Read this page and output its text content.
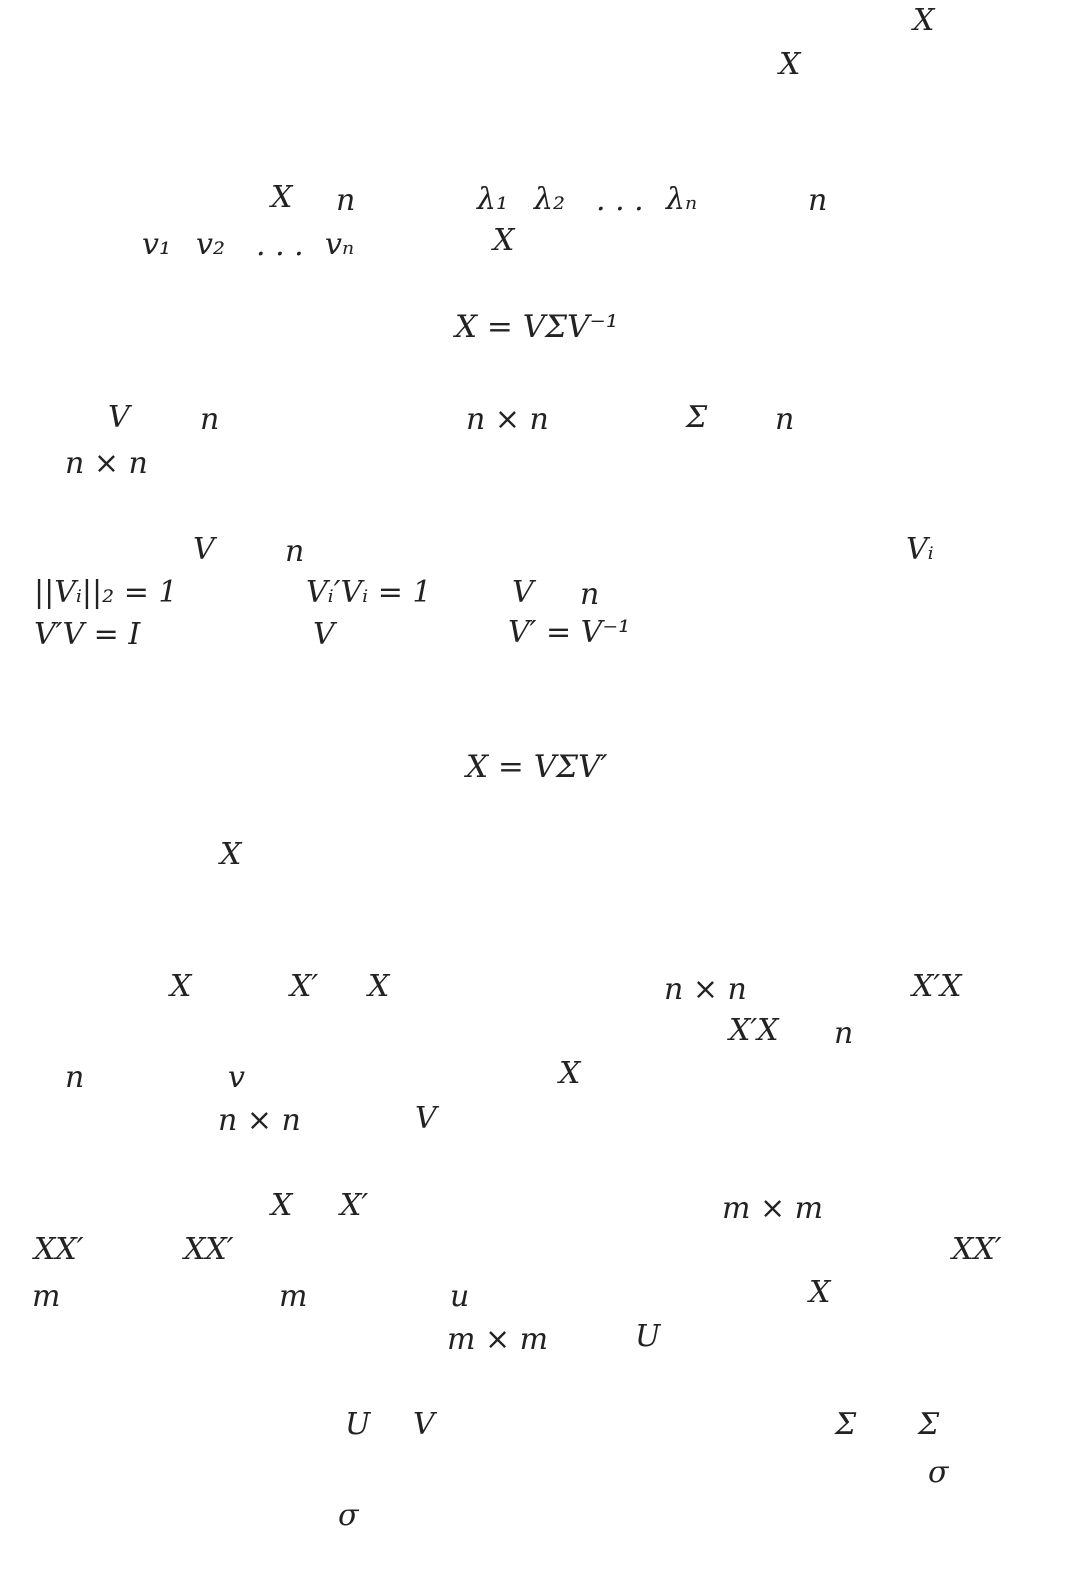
X
X
X n	λ₁ λ₂ . . . λₙ	n
v₁ v₂ . . . vₙ	X
X = VΣV⁻¹
V n	n × n	Σ n
n × n
V n	Vᵢ
||Vᵢ||₂ = 1	Vᵢ′Vᵢ = 1	V n
V′V = I	V	V′ = V⁻¹
X = VΣV′
X
X	X′ X	n × n	X′X
X′X n
n	v	X
n × n	V
X X′	m × m
XX′	XX′	XX′
m	m	u	X
m × m	U
U V	Σ Σ
σ
σ
